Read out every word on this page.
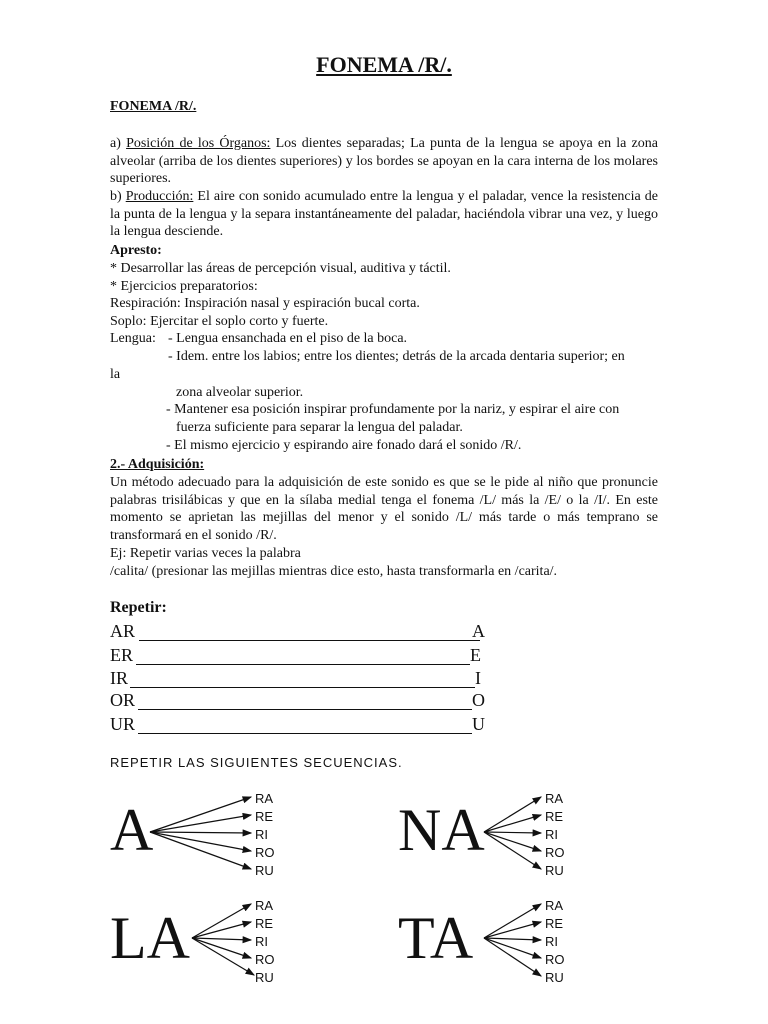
FONEMA /R/.
FONEMA /R/.
a) Posición de los Órganos: Los dientes separadas; La punta de la lengua se apoya en la zona alveolar (arriba de los dientes superiores) y los bordes se apoyan en la cara interna de los molares superiores.
b) Producción: El aire con sonido acumulado entre la lengua y el paladar, vence la resistencia de la punta de la lengua y la separa instantáneamente del paladar, haciéndola vibrar una vez, y luego la lengua desciende.
Apresto:
* Desarrollar las áreas de percepción visual, auditiva y táctil.
* Ejercicios preparatorios:
Respiración: Inspiración nasal y espiración bucal corta.
Soplo: Ejercitar el soplo corto y fuerte.
Lengua: - Lengua ensanchada en el piso de la boca.
- Idem. entre los labios; entre los dientes; detrás de la arcada dentaria superior; en
la
zona alveolar superior.
- Mantener esa posición inspirar profundamente por la nariz, y espirar el aire con
fuerza suficiente para separar la lengua del paladar.
- El mismo ejercicio y espirando aire fonado dará el sonido /R/.
2.- Adquisición:
Un método adecuado para la adquisición de este sonido es que se le pide al niño que pronuncie palabras trisilábicas y que en la sílaba medial tenga el fonema /L/ más la /E/ o la /I/. En este momento se aprietan las mejillas del menor y el sonido /L/ más tarde o más temprano se transformará en el sonido /R/.
Ej: Repetir varias veces la palabra
/calita/ (presionar las mejillas mientras dice esto, hasta transformarla en /carita/.
Repetir:
AR	A
ER	E
IR	I
OR	O
UR	U
REPETIR LAS SIGUIENTES SECUENCIAS.
A	RA
RE
RI
RO
RU
NA	RA
RE
RI
RO
RU
LA	RA
RE
RI
RO
RU
TA	RA
RE
RI
RO
RU
